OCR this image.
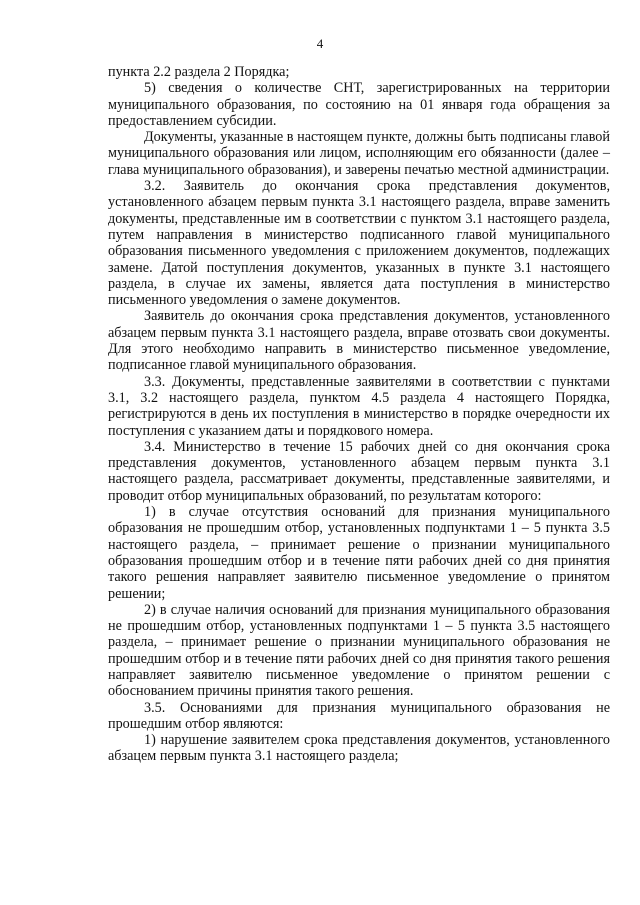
4

пункта 2.2 раздела 2 Порядка;

5) сведения о количестве СНТ, зарегистрированных на территории муниципального образования, по состоянию на 01 января года обращения за предоставлением субсидии.

Документы, указанные в настоящем пункте, должны быть подписаны главой муниципального образования или лицом, исполняющим его обязанности (далее – глава муниципального образования), и заверены печатью местной администрации.

3.2. Заявитель до окончания срока представления документов, установленного абзацем первым пункта 3.1 настоящего раздела, вправе заменить документы, представленные им в соответствии с пунктом 3.1 настоящего раздела, путем направления в министерство подписанного главой муниципального образования письменного уведомления с приложением документов, подлежащих замене. Датой поступления документов, указанных в пункте 3.1 настоящего раздела, в случае их замены, является дата поступления в министерство письменного уведомления о замене документов.

Заявитель до окончания срока представления документов, установленного абзацем первым пункта 3.1 настоящего раздела, вправе отозвать свои документы. Для этого необходимо направить в министерство письменное уведомление, подписанное главой муниципального образования.

3.3. Документы, представленные заявителями в соответствии с пунктами 3.1, 3.2 настоящего раздела, пунктом 4.5 раздела 4 настоящего Порядка, регистрируются в день их поступления в министерство в порядке очередности их поступления с указанием даты и порядкового номера.

3.4. Министерство в течение 15 рабочих дней со дня окончания срока представления документов, установленного абзацем первым пункта 3.1 настоящего раздела, рассматривает документы, представленные заявителями, и проводит отбор муниципальных образований, по результатам которого:

1) в случае отсутствия оснований для признания муниципального образования не прошедшим отбор, установленных подпунктами 1 – 5 пункта 3.5 настоящего раздела, – принимает решение о признании муниципального образования прошедшим отбор и в течение пяти рабочих дней со дня принятия такого решения направляет заявителю письменное уведомление о принятом решении;

2) в случае наличия оснований для признания муниципального образования не прошедшим отбор, установленных подпунктами 1 – 5 пункта 3.5 настоящего раздела, – принимает решение о признании муниципального образования не прошедшим отбор и в течение пяти рабочих дней со дня принятия такого решения направляет заявителю письменное уведомление о принятом решении с обоснованием причины принятия такого решения.

3.5. Основаниями для признания муниципального образования не прошедшим отбор являются:

1) нарушение заявителем срока представления документов, установленного абзацем первым пункта 3.1 настоящего раздела;
